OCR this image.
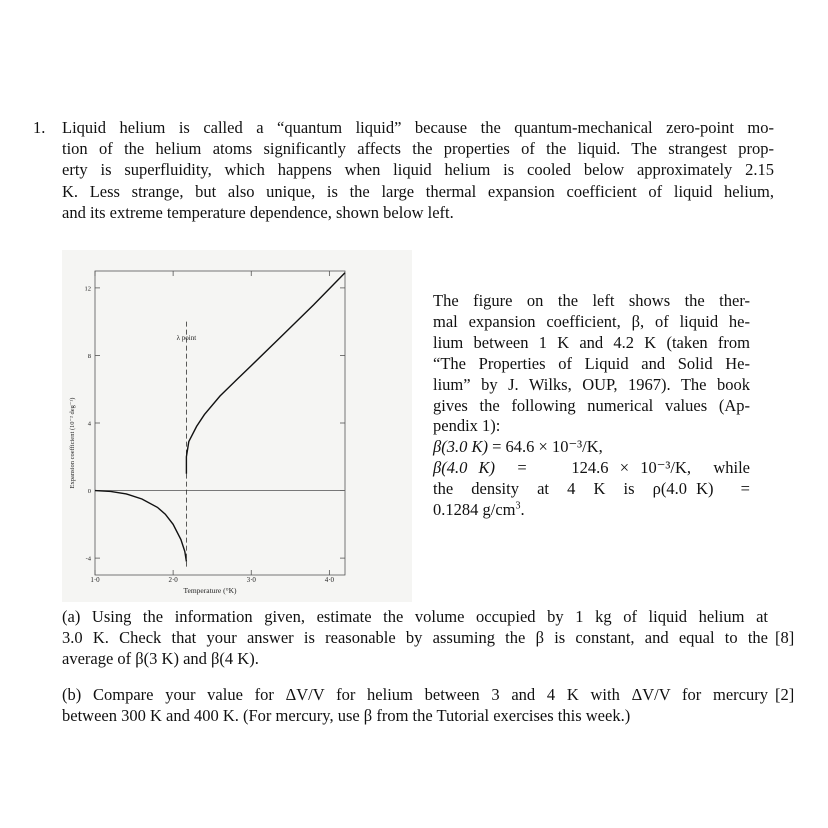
1. Liquid helium is called a “quantum liquid” because the quantum-mechanical zero-point mo-
tion of the helium atoms significantly affects the properties of the liquid. The strangest prop-
erty is superfluidity, which happens when liquid helium is cooled below approximately 2.15
K. Less strange, but also unique, is the large thermal expansion coefficient of liquid helium,
and its extreme temperature dependence, shown below left.
12
8
4
0
-4
1·0	2·0	3·0	4·0
Temperature (°K)
Expansion coefficient (10⁻² deg⁻¹)
λ point
The figure on the left shows the ther-
mal expansion coefficient, β, of liquid he-
lium between 1 K and 4.2 K (taken from
“The Properties of Liquid and Solid He-
lium” by J. Wilks, OUP, 1967). The book
gives the following numerical values (Ap-
pendix 1):
β(3.0 K) = 64.6 × 10⁻³/K,
β(4.0 K) =    124.6 × 10⁻³/K,  while
the  density  at  4  K  is  ρ(4.0 K)   =
0.1284 $g/cm^3$.
(a) Using the information given, estimate the volume occupied by 1 kg of liquid helium at
3.0 K. Check that your answer is reasonable by assuming the β is constant, and equal to the
average of β(3 K) and β(4 K).
[8]
(b) Compare your value for ΔV/V for helium between 3 and 4 K with ΔV/V for mercury
between 300 K and 400 K. (For mercury, use β from the Tutorial exercises this week.)
[2]
